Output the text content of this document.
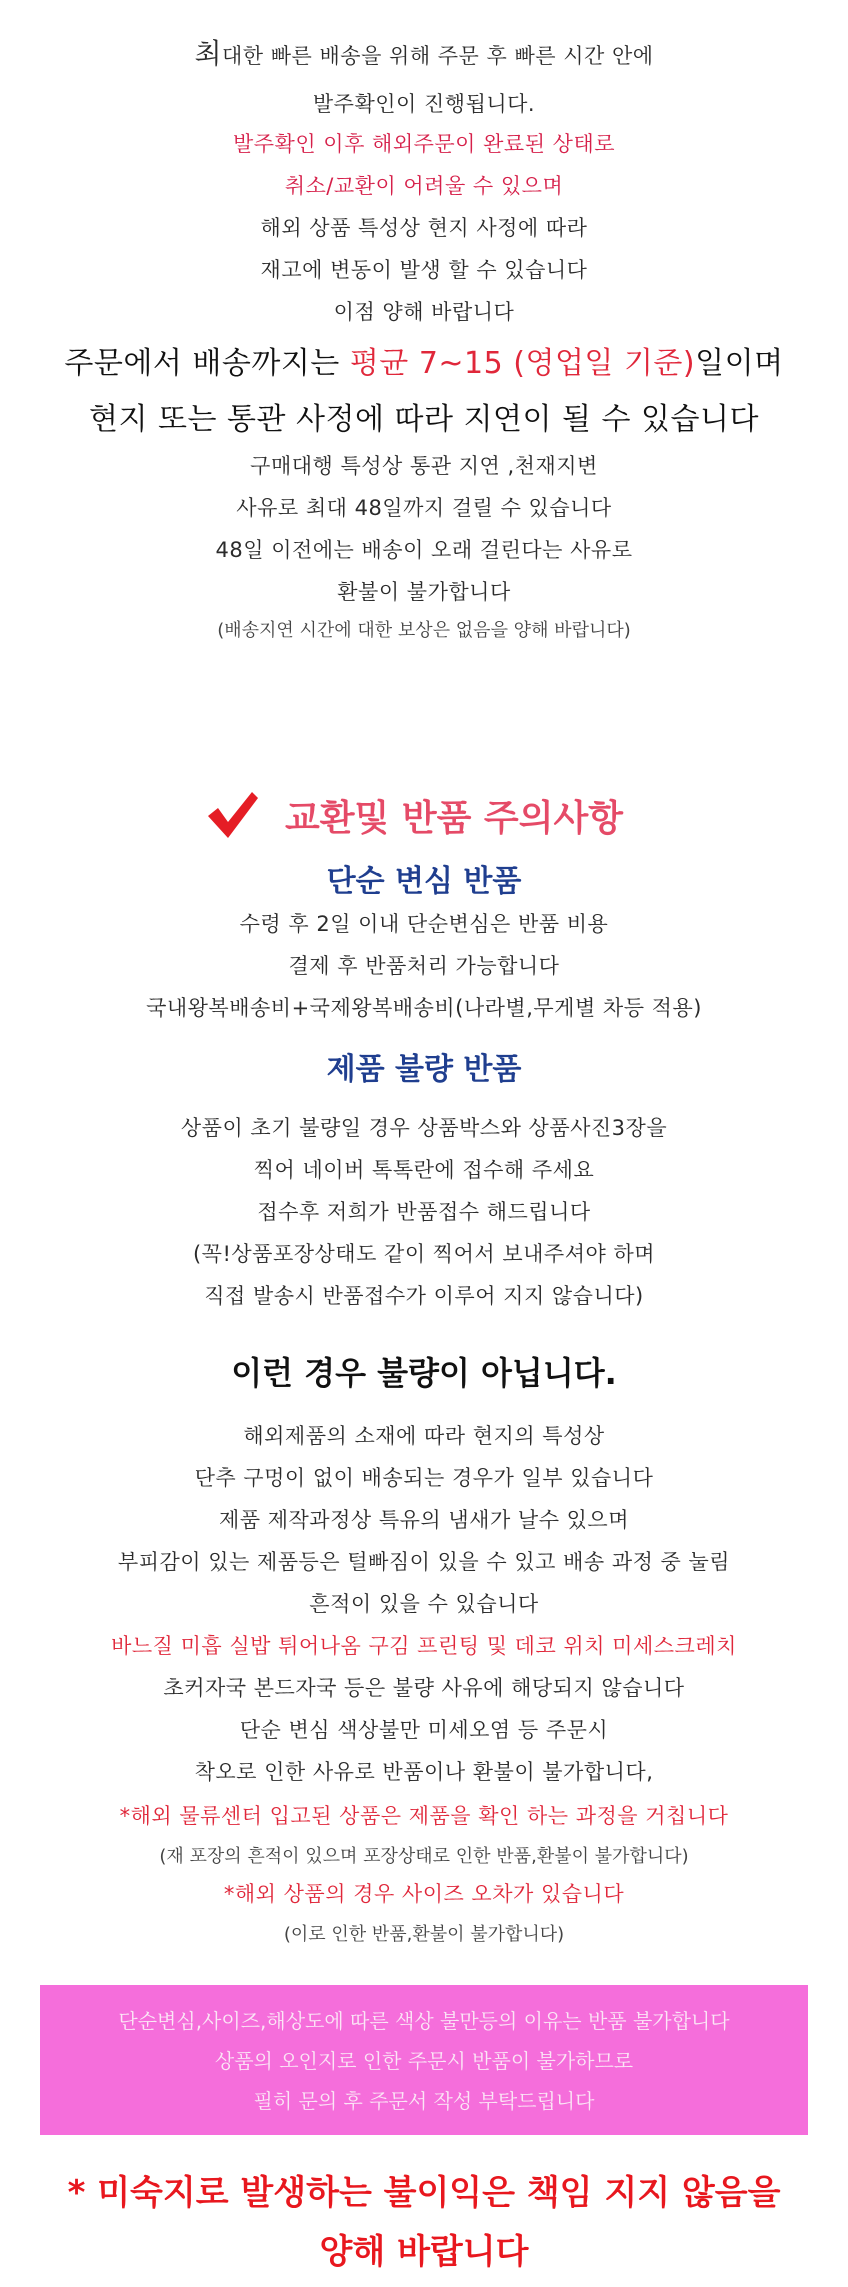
최대한 빠른 배송을 위해 주문 후 빠른 시간 안에
발주확인이 진행됩니다.
발주확인 이후 해외주문이 완료된 상태로
취소/교환이 어려울 수 있으며
해외 상품 특성상 현지 사정에 따라
재고에 변동이 발생 할 수 있습니다
이점 양해 바랍니다
주문에서 배송까지는 평균 7~15 (영업일 기준)일이며
현지 또는 통관 사정에 따라 지연이 될 수 있습니다
구매대행 특성상 통관 지연 ,천재지변
사유로 최대 48일까지 걸릴 수 있습니다
48일 이전에는 배송이 오래 걸린다는 사유로
환불이 불가합니다
(배송지연 시간에 대한 보상은 없음을 양해 바랍니다)
교환및 반품 주의사항
단순 변심 반품
수령 후 2일 이내 단순변심은 반품 비용
결제 후 반품처리 가능합니다
국내왕복배송비+국제왕복배송비(나라별,무게별 차등 적용)
제품 불량 반품
상품이 초기 불량일 경우 상품박스와 상품사진3장을
찍어 네이버 톡톡란에 접수해 주세요
접수후 저희가 반품접수 해드립니다
(꼭!상품포장상태도 같이 찍어서 보내주셔야 하며
직접 발송시 반품접수가 이루어 지지 않습니다)
이런 경우 불량이 아닙니다.
해외제품의 소재에 따라 현지의 특성상
단추 구멍이 없이 배송되는 경우가 일부 있습니다
제품 제작과정상 특유의 냄새가 날수 있으며
부피감이 있는 제품등은 털빠짐이 있을 수 있고 배송 과정 중 눌림
흔적이 있을 수 있습니다
바느질 미흡 실밥 튀어나옴 구김 프린팅 및 데코 위치 미세스크레치
초커자국 본드자국 등은 불량 사유에 해당되지 않습니다
단순 변심 색상불만 미세오염 등 주문시
착오로 인한 사유로 반품이나 환불이 불가합니다,
*해외 물류센터 입고된 상품은 제품을 확인 하는 과정을 거칩니다
(재 포장의 흔적이 있으며 포장상태로 인한 반품,환불이 불가합니다)
*해외 상품의 경우 사이즈 오차가 있습니다
(이로 인한 반품,환불이 불가합니다)
단순변심,사이즈,해상도에 따른 색상 불만등의 이유는 반품 불가합니다
상품의 오인지로 인한 주문시 반품이 불가하므로
필히 문의 후 주문서 작성 부탁드립니다
* 미숙지로 발생하는 불이익은 책임 지지 않음을
양해 바랍니다
